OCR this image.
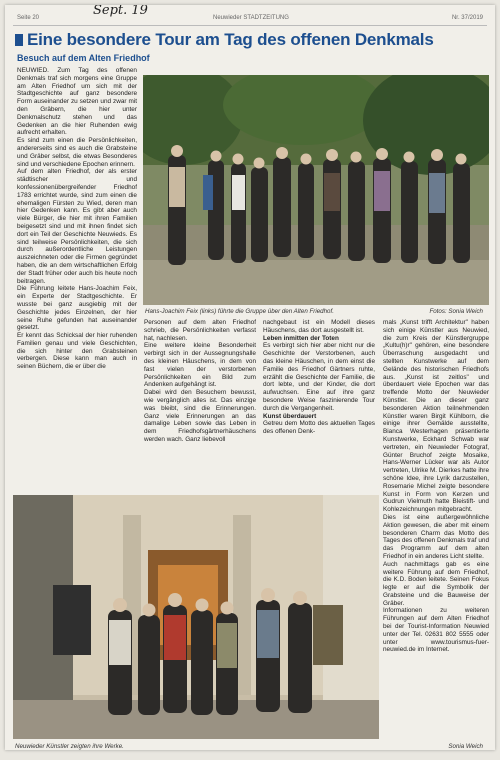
Seite 20	Neuwieder STADTZEITUNG	Nr. 37/2019
Sept. 19
Eine besondere Tour am Tag des offenen Denkmals
Besuch auf dem Alten Friedhof

NEUWIED. Zum Tag des offenen Denkmals traf sich morgens eine Gruppe am Alten Friedhof um sich mit der Stadtgeschichte auf ganz besondere Form auseinander zu setzen und zwar mit den Gräbern, die hier unter Denkmalschutz stehen und das Gedenken an die hier Ruhenden ewig aufrecht erhalten.

Es sind zum einen die Persönlichkeiten, andererseits sind es auch die Grabsteine und Gräber selbst, die etwas Besonderes sind und verschiedene Epochen erinnern.

Auf dem alten Friedhof, der als erster städtischer und konfessionenübergreifender Friedhof 1783 errichtet wurde, sind zum einen die ehemaligen Fürsten zu Wied, deren man hier Gedenken kann. Es gibt aber auch viele Bürger, die hier mit ihren Familien beigesetzt sind und mit ihnen findet sich dort ein Teil der Geschichte Neuwieds. Es sind teilweise Persönlichkeiten, die sich durch außerordentliche Leistungen auszeichneten oder die Firmen gegründet haben, die an dem wirtschaftlichen Erfolg der Stadt früher oder auch bis heute noch beitragen.

Die Führung leitete Hans-Joachim Feix, ein Experte der Stadtgeschichte. Er wusste bei ganz ausgiebig mit der Geschichte jedes Einzelnen, der hier seine Ruhe gefunden hat auseinander gesetzt.

Er kennt das Schicksal der hier ruhenden Familien genau und viele Geschichten, die sich hinter den Grabsteinen verbergen. Diese kann man auch in seinen Büchern, die er über die

Hans-Joachim Feix (links) führte die Gruppe über den Alten Friedhof.	Fotos: Sonia Weich

Personen auf dem alten Friedhof schrieb, die Persönlichkeiten verfasst hat, nachlesen.

Eine weitere kleine Besonderheit verbirgt sich in der Aussegnungshalle des kleinen Häuschens, in dem von fast vielen der verstorbenen Persönlichkeiten ein Bild zum Andenken aufgehängt ist.

Dabei wird den Besuchern bewusst, wie vergänglich alles ist. Das einzige was bleibt, sind die Erinnerungen. Ganz viele Erinnerungen an das damalige Leben sowie das Leben in dem Friedhofsgärtnerhäuschens werden wach. Ganz liebevoll

nachgebaut ist ein Modell dieses Häuschens, das dort ausgestellt ist.

Leben inmitten der Toten

Es verbirgt sich hier aber nicht nur die Geschichte der Verstorbenen, auch das kleine Häuschen, in dem einst die Familie des Friedhof Gärtners ruhte, erzählt die Geschichte der Familie, die dort lebte, und der Kinder, die dort aufwuchsen. Eine auf ihre ganz besondere Weise faszinierende Tour durch die Vergangenheit.

Kunst überdauert

Getreu dem Motto des aktuellen Tages des offenen Denk-

mals „Kunst trifft Architektur" haben sich einige Künstler aus Neuwied, die zum Kreis der Künstlergruppe „Kultu(h)r" gehören, eine besondere Überraschung ausgedacht und stellten Kunstwerke auf dem Gelände des historischen Friedhofs aus. „Kunst ist zeitlos" und überdauert viele Epochen war das treffende Motto der Neuwieder Künstler. Die an dieser ganz besonderen Aktion teilnehmenden Künstler waren Birgit Kühlborn, die einige ihrer Gemälde ausstellte, Bianca Westerhagen präsentierte Kunstwerke, Eckhard Schwab war vertreten, ein Neuwieder Fotograf, Günter Bruchof zeigte Mosaike, Hans-Werner Lücker war als Autor vertreten, Ulrike M. Dierkes hatte ihre schöne Idee, ihre Lyrik darzustellen, Rosemarie Michel zeigte besondere Kunst in Form von Kerzen und Gudrun Vielmuth hatte Bleistift- und Kohlezeichnungen mitgebracht.

Dies ist eine außergewöhnliche Aktion gewesen, die aber mit einem besonderen Charm das Motto des Tages des offenen Denkmals traf und das Programm auf dem alten Friedhof in ein anderes Licht stellte.

Auch nachmittags gab es eine weitere Führung auf dem Friedhof, die K.D. Boden leitete. Seinen Fokus legte er auf die Symbolik der Grabsteine und die Bauweise der Gräber.

Informationen zu weiteren Führungen auf dem Alten Friedhof bei der Tourist-Information Neuwied unter der Tel. 02631 802 5555 oder unter www.tourismus-fuer-neuwied.de im Internet.

Neuwieder Künstler zeigten ihre Werke.	Sonia Weich
